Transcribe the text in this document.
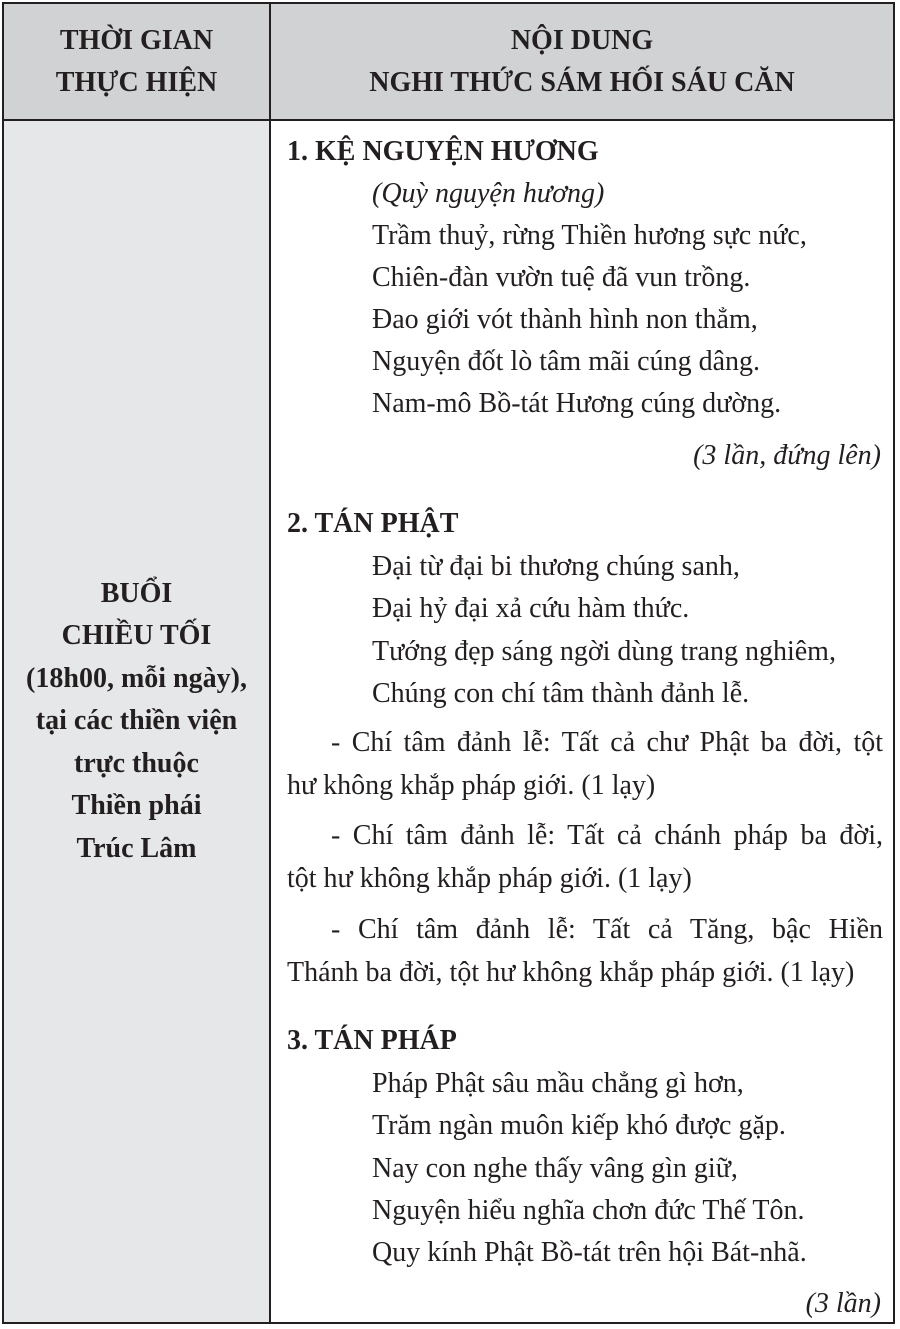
THỜI GIAN
THỰC HIỆN
NỘI DUNG
NGHI THỨC SÁM HỐI SÁU CĂN
BUỔI
CHIỀU TỐI
(18h00, mỗi ngày),
tại các thiền viện
trực thuộc
Thiền phái
Trúc Lâm
1. KỆ NGUYỆN HƯƠNG
(Quỳ nguyện hương)
Trầm thuỷ, rừng Thiền hương sực nức,
Chiên-đàn vườn tuệ đã vun trồng.
Đao giới vót thành hình non thẳm,
Nguyện đốt lò tâm mãi cúng dâng.
Nam-mô Bồ-tát Hương cúng dường.
(3 lần, đứng lên)
2. TÁN PHẬT
Đại từ đại bi thương chúng sanh,
Đại hỷ đại xả cứu hàm thức.
Tướng đẹp sáng ngời dùng trang nghiêm,
Chúng con chí tâm thành đảnh lễ.
- Chí tâm đảnh lễ: Tất cả chư Phật ba đời, tột
hư không khắp pháp giới. (1 lạy)
- Chí tâm đảnh lễ: Tất cả chánh pháp ba đời,
tột hư không khắp pháp giới. (1 lạy)
- Chí tâm đảnh lễ: Tất cả Tăng, bậc Hiền
Thánh ba đời, tột hư không khắp pháp giới. (1 lạy)
3. TÁN PHÁP
Pháp Phật sâu mầu chẳng gì hơn,
Trăm ngàn muôn kiếp khó được gặp.
Nay con nghe thấy vâng gìn giữ,
Nguyện hiểu nghĩa chơn đức Thế Tôn.
Quy kính Phật Bồ-tát trên hội Bát-nhã.
(3 lần)
